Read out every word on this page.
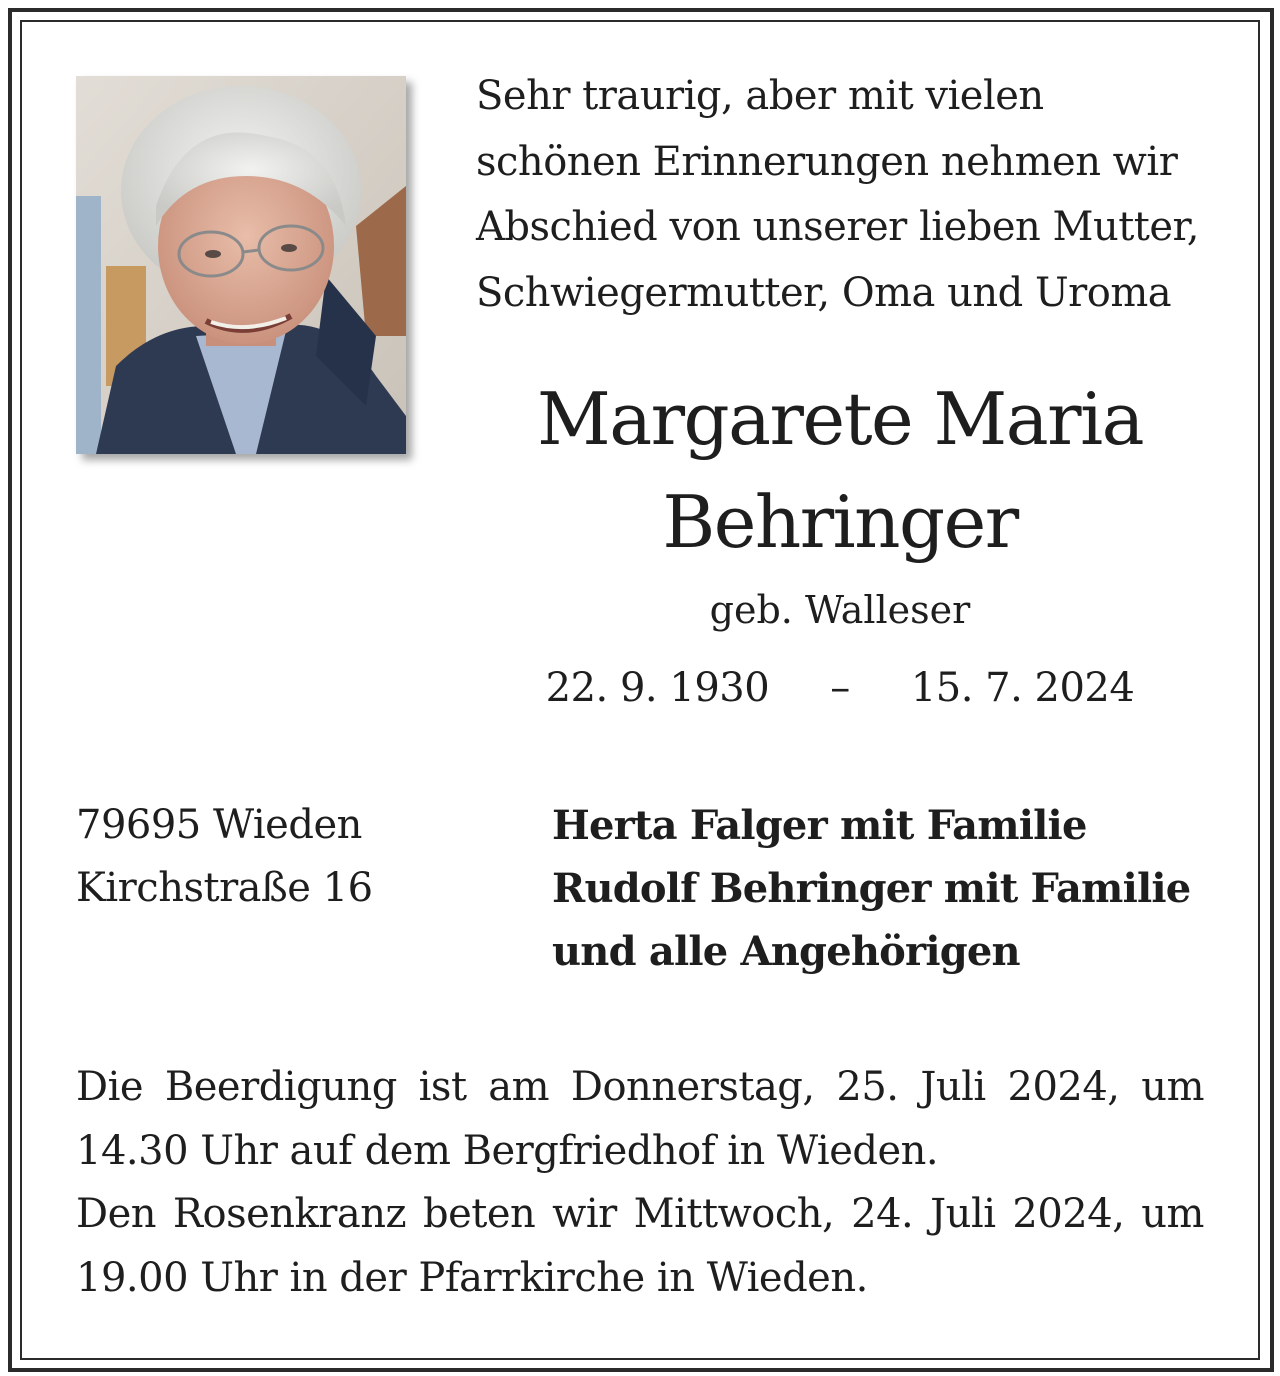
Sehr traurig, aber mit vielen
schönen Erinnerungen nehmen wir
Abschied von unserer lieben Mutter,
Schwiegermutter, Oma und Uroma
Margarete Maria
Behringer
geb. Walleser
22. 9. 1930 – 15. 7. 2024
79695 Wieden
Kirchstraße 16
Herta Falger mit Familie
Rudolf Behringer mit Familie
und alle Angehörigen

Die Beerdigung ist am Donnerstag, 25. Juli 2024, um 14.30 Uhr auf dem Bergfriedhof in Wieden.

Den Rosenkranz beten wir Mittwoch, 24. Juli 2024, um 19.00 Uhr in der Pfarrkirche in Wieden.
